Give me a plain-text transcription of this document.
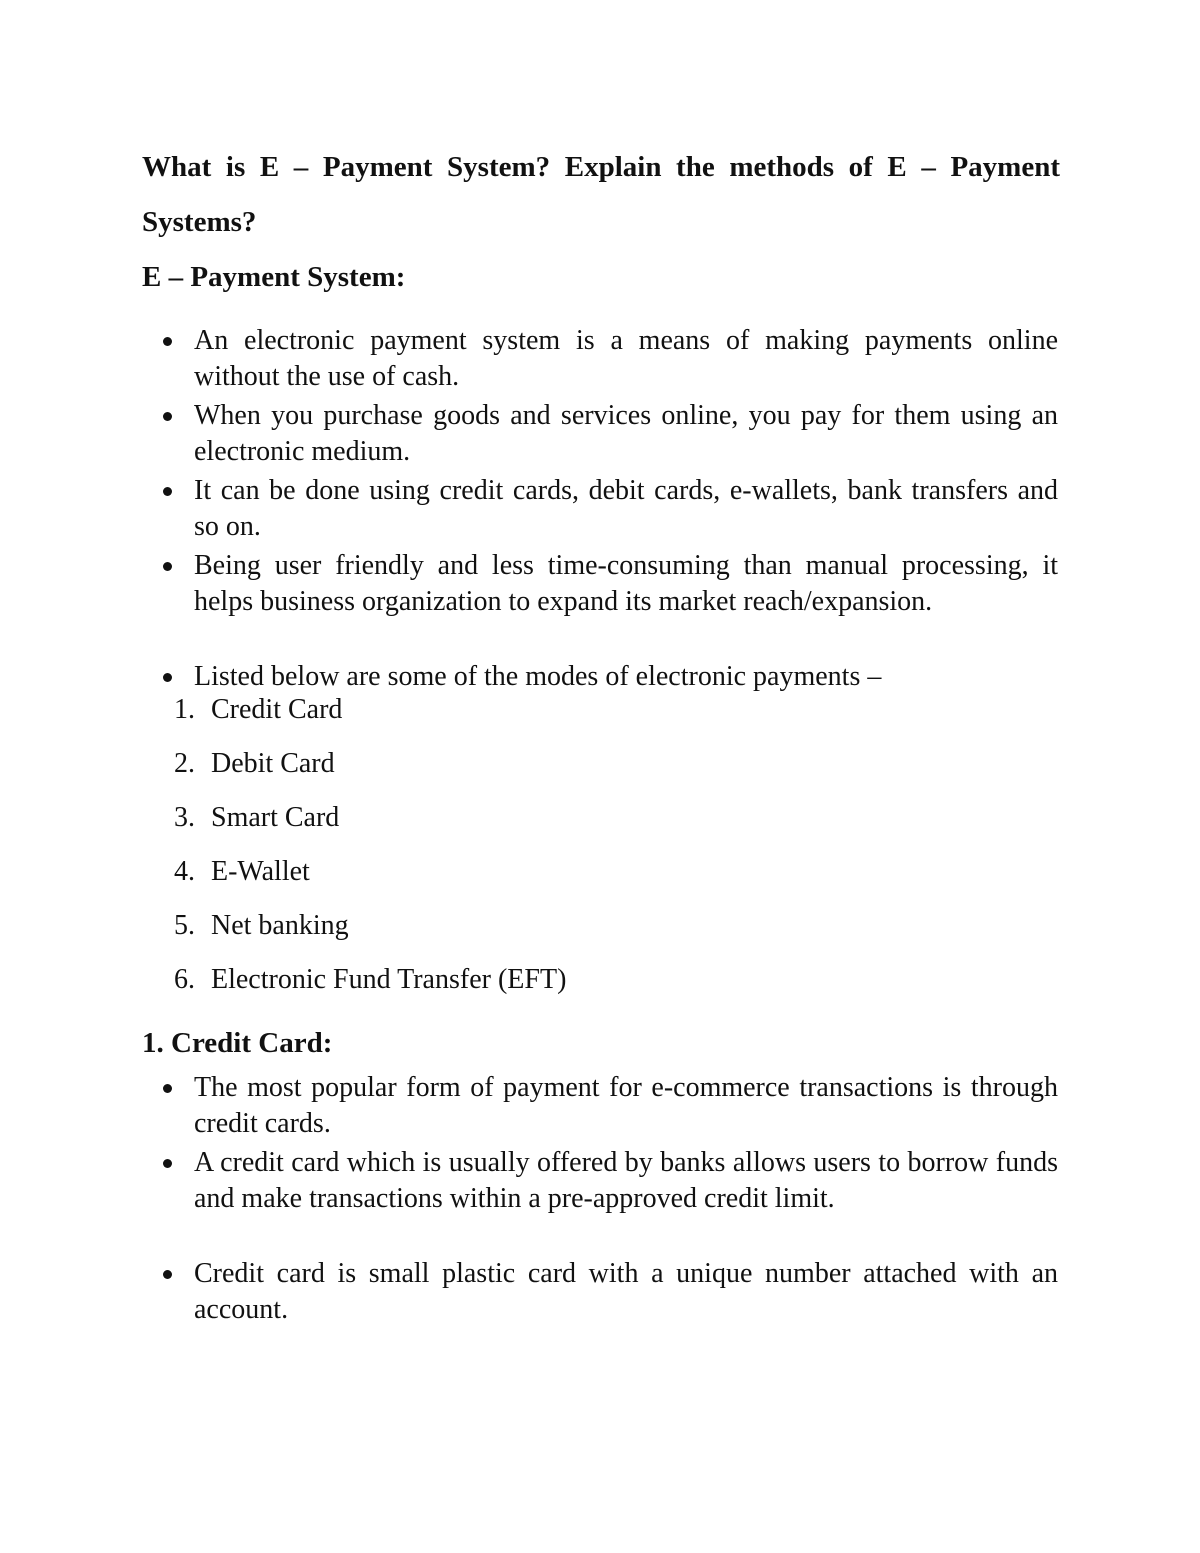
What is E – Payment System? Explain the methods of E – Payment Systems?
E – Payment System:
An electronic payment system is a means of making payments online without the use of cash.
When you purchase goods and services online, you pay for them using an electronic medium.
It can be done using credit cards, debit cards, e-wallets, bank transfers and so on.
Being user friendly and less time-consuming than manual processing, it helps business organization to expand its market reach/expansion.
Listed below are some of the modes of electronic payments –
1. Credit Card
2. Debit Card
3. Smart Card
4. E-Wallet
5. Net banking
6. Electronic Fund Transfer (EFT)
1. Credit Card:
The most popular form of payment for e-commerce transactions is through credit cards.
A credit card which is usually offered by banks allows users to borrow funds and make transactions within a pre-approved credit limit.
Credit card is small plastic card with a unique number attached with an account.
